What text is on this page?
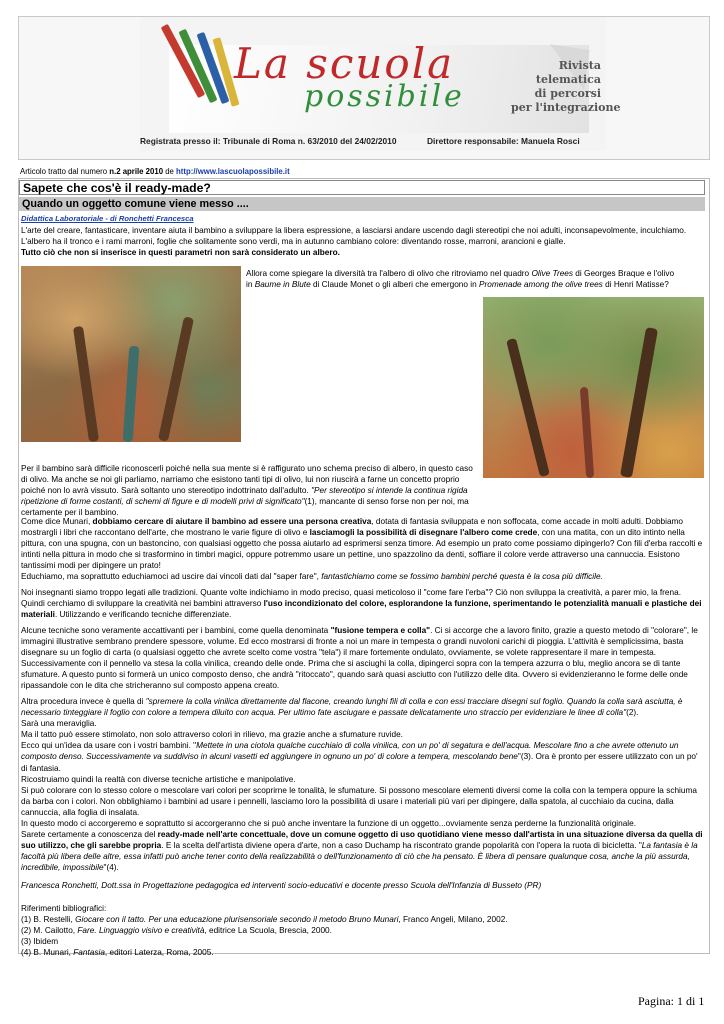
La scuola
possibile
Rivista
telematica
di percorsi
per l'integrazione
Registrata presso il: Tribunale di Roma n. 63/2010 del 24/02/2010	Direttore responsabile: Manuela Rosci
Articolo tratto dal numero n.2 aprile 2010 de http://www.lascuolapossibile.it
Sapete che cos'è il ready-made?
Quando un oggetto comune viene messo ....
Didattica Laboratoriale - di Ronchetti Francesca

L'arte del creare, fantasticare, inventare aiuta il bambino a sviluppare la libera espressione, a lasciarsi andare uscendo dagli stereotipi che noi adulti, inconsapevolmente, inculchiamo. L'albero ha il tronco e i rami marroni, foglie che solitamente sono verdi, ma in autunno cambiano colore: diventando rosse, marroni, arancioni e gialle.
Tutto ciò che non si inserisce in questi parametri non sarà considerato un albero.

Allora come spiegare la diversità tra l'albero di olivo che ritroviamo nel quadro Olive Trees di Georges Braque e l'olivo in Baume in Blute di Claude Monet o gli alberi che emergono in Promenade among the olive trees di Henri Matisse?

Per il bambino sarà difficile riconoscerli poiché nella sua mente si è raffigurato uno schema preciso di albero, in questo caso di olivo. Ma anche se noi gli parliamo, narriamo che esistono tanti tipi di olivo, lui non riuscirà a farne un concetto proprio poiché non lo avrà vissuto. Sarà soltanto uno stereotipo indottrinato dall'adulto. "Per stereotipo si intende la continua rigida ripetizione di forme costanti, di schemi di figure e di modelli privi di significato"(1), mancante di senso forse non per noi, ma certamente per il bambino.

Come dice Munari, dobbiamo cercare di aiutare il bambino ad essere una persona creativa, dotata di fantasia sviluppata e non soffocata, come accade in molti adulti. Dobbiamo mostrargli i libri che raccontano dell'arte, che mostrano le varie figure di olivo e lasciamogli la possibilità di disegnare l'albero come crede, con una matita, con un dito intinto nella pittura, con una spugna, con un bastoncino, con qualsiasi oggetto che possa aiutarlo ad esprimersi senza timore. Ad esempio un prato come possiamo dipingerlo? Con fili d'erba raccolti e intinti nella pittura in modo che si trasformino in timbri magici, oppure potremmo usare un pettine, uno spazzolino da denti, soffiare il colore verde attraverso una cannuccia. Esistono tantissimi modi per dipingere un prato!
Educhiamo, ma soprattutto educhiamoci ad uscire dai vincoli dati dal "saper fare", fantastichiamo come se fossimo bambini perché questa è la cosa più difficile.

Noi insegnanti siamo troppo legati alle tradizioni. Quante volte indichiamo in modo preciso, quasi meticoloso il "come fare l'erba"? Ciò non sviluppa la creatività, a parer mio, la frena. Quindi cerchiamo di sviluppare la creatività nei bambini attraverso l'uso incondizionato del colore, esplorandone la funzione, sperimentando le potenzialità manuali e plastiche dei materiali. Utilizzando e verificando tecniche differenziate.

Alcune tecniche sono veramente accattivanti per i bambini, come quella denominata "fusione tempera e colla". Ci si accorge che a lavoro finito, grazie a questo metodo di "colorare", le immagini illustrative sembrano prendere spessore, volume. Ed ecco mostrarsi di fronte a noi un mare in tempesta o grandi nuvoloni carichi di pioggia. L'attività è semplicissima, basta disegnare su un foglio di carta (o qualsiasi oggetto che avrete scelto come vostra "tela") il mare fortemente ondulato, ovviamente, se volete rappresentare il mare in tempesta. Successivamente con il pennello va stesa la colla vinilica, creando delle onde. Prima che si asciughi la colla, dipingerci sopra con la tempera azzurra o blu, meglio ancora se di tante sfumature. A questo punto si formerà un unico composto denso, che andrà "ritoccato", quando sarà quasi asciutto con l'utilizzo delle dita. Ovvero si evidenzieranno le forme delle onde ripassandole con le dita che stricheranno sul composto appena creato.

Altra procedura invece è quella di "spremere la colla vinilica direttamente dal flacone, creando lunghi fili di colla e con essi tracciare disegni sul foglio. Quando la colla sarà asciutta, è necessario tinteggiare il foglio con colore a tempera diluito con acqua. Per ultimo fate asciugare e passate delicatamente uno straccio per evidenziare le linee di colla"(2).
Sarà una meraviglia.
Ma il tatto può essere stimolato, non solo attraverso colori in rilievo, ma grazie anche a sfumature ruvide.
Ecco qui un'idea da usare con i vostri bambini. "Mettete in una ciotola qualche cucchiaio di colla vinilica, con un po' di segatura e dell'acqua. Mescolare fino a che avrete ottenuto un composto denso. Successivamente va suddiviso in alcuni vasetti ed aggiungere in ognuno un po' di colore a tempera, mescolando bene"(3). Ora è pronto per essere utilizzato con un po' di fantasia.
Ricostruiamo quindi la realtà con diverse tecniche artistiche e manipolative.
Si può colorare con lo stesso colore o mescolare vari colori per scoprirne le tonalità, le sfumature. Si possono mescolare elementi diversi come la colla con la tempera oppure la schiuma da barba con i colori. Non obblighiamo i bambini ad usare i pennelli, lasciamo loro la possibilità di usare i materiali più vari per dipingere, dalla spatola, al cucchiaio da cucina, dalla cannuccia, alla foglia di insalata.
In questo modo ci accorgeremo e soprattutto si accorgeranno che si può anche inventare la funzione di un oggetto...ovviamente senza perderne la funzionalità originale.
Sarete certamente a conoscenza del ready-made nell'arte concettuale, dove un comune oggetto di uso quotidiano viene messo dall'artista in una situazione diversa da quella di suo utilizzo, che gli sarebbe propria. E la scelta dell'artista diviene opera d'arte, non a caso Duchamp ha riscontrato grande popolarità con l'opera la ruota di bicicletta. "La fantasia è la facoltà più libera delle altre, essa infatti può anche tener conto della realizzabilità o dell'funzionamento di ciò che ha pensato. È libera di pensare qualunque cosa, anche la più assurda, incredibile, impossibile"(4).

Francesca Ronchetti, Dott.ssa in Progettazione pedagogica ed interventi socio-educativi e docente presso Scuola dell'Infanzia di Busseto (PR)

Riferimenti bibliografici:
(1) B. Restelli, Giocare con il tatto. Per una educazione plurisensoriale secondo il metodo Bruno Munari, Franco Angeli, Milano, 2002.
(2) M. Cailotto, Fare. Linguaggio visivo e creatività, editrice La Scuola, Brescia, 2000.
(3) Ibidem
(4) B. Munari, Fantasia, editori Laterza, Roma, 2005.

Pagina: 1 di 1
